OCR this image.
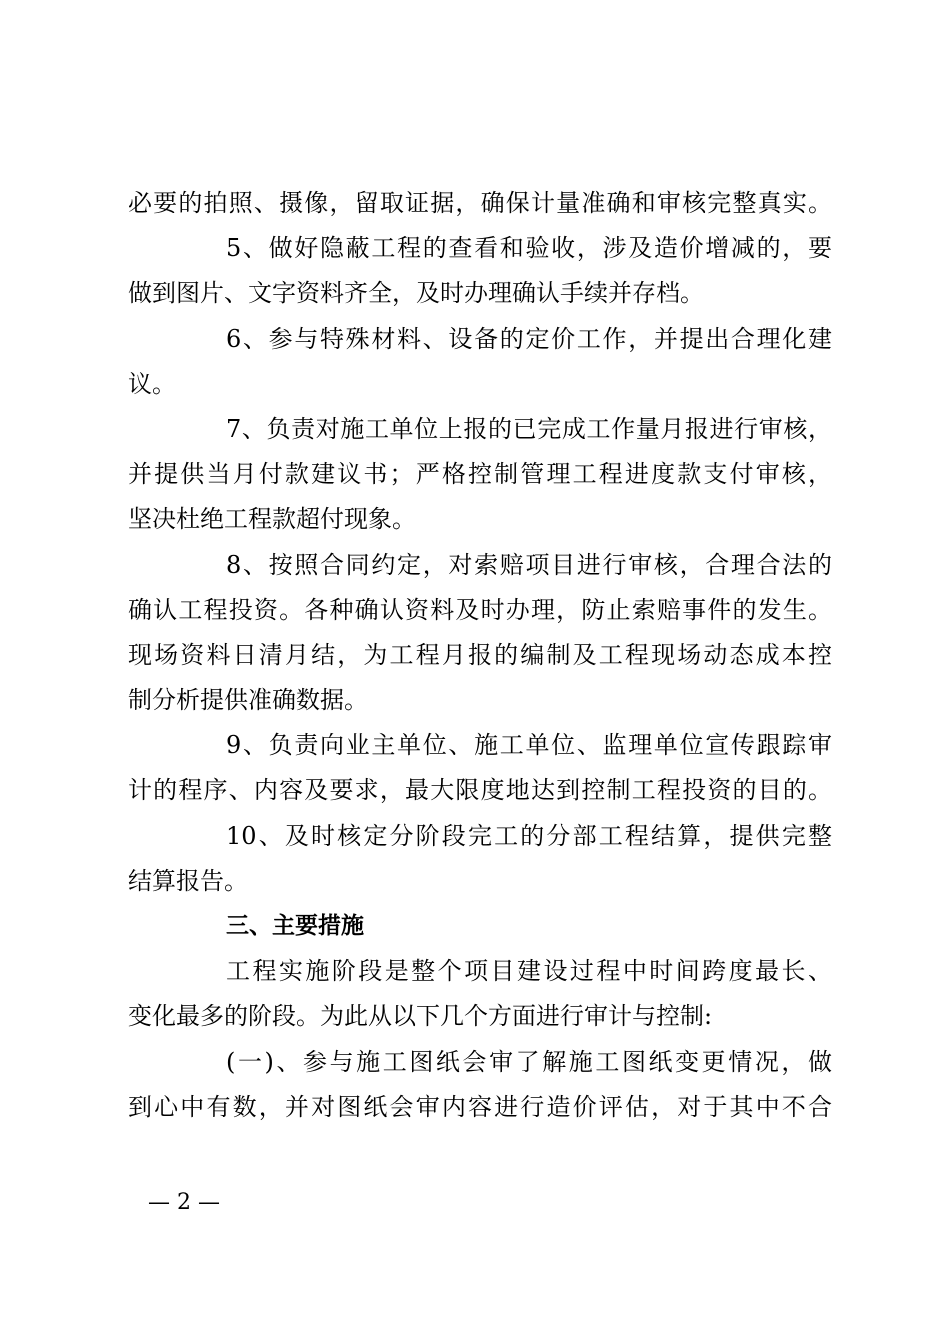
必要的拍照、摄像，留取证据，确保计量准确和审核完整真实。
5、做好隐蔽工程的查看和验收，涉及造价增减的，要
做到图片、文字资料齐全，及时办理确认手续并存档。
6、参与特殊材料、设备的定价工作，并提出合理化建
议。
7、负责对施工单位上报的已完成工作量月报进行审核，
并提供当月付款建议书；严格控制管理工程进度款支付审核，
坚决杜绝工程款超付现象。
8、按照合同约定，对索赔项目进行审核，合理合法的
确认工程投资。各种确认资料及时办理，防止索赔事件的发生。
现场资料日清月结，为工程月报的编制及工程现场动态成本控
制分析提供准确数据。
9、负责向业主单位、施工单位、监理单位宣传跟踪审
计的程序、内容及要求，最大限度地达到控制工程投资的目的。
10、及时核定分阶段完工的分部工程结算，提供完整
结算报告。
三、主要措施
工程实施阶段是整个项目建设过程中时间跨度最长、
变化最多的阶段。为此从以下几个方面进行审计与控制:
(一)、参与施工图纸会审了解施工图纸变更情况，做
到心中有数，并对图纸会审内容进行造价评估，对于其中不合
— 2 —
